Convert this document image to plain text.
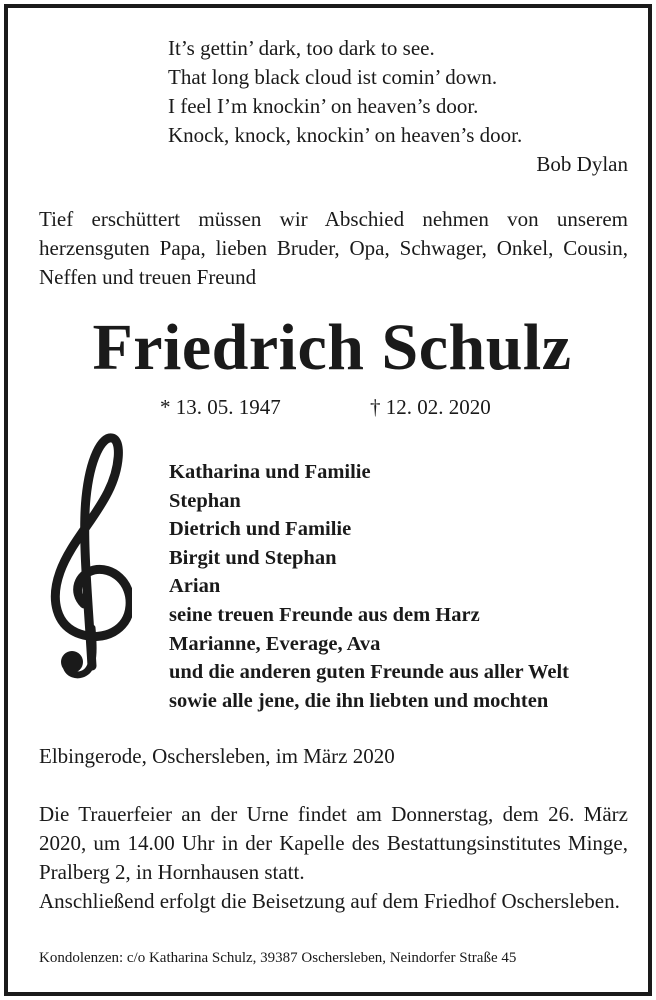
It’s gettin’ dark, too dark to see.
That long black cloud ist comin’ down.
I feel I’m knockin’ on heaven’s door.
Knock, knock, knockin’ on heaven’s door.
Bob Dylan
Tief erschüttert müssen wir Abschied nehmen von unserem herzensguten Papa, lieben Bruder, Opa, Schwager, Onkel, Cousin, Neffen und treuen Freund
Friedrich Schulz
* 13. 05. 1947	† 12. 02. 2020
Katharina und Familie
Stephan
Dietrich und Familie
Birgit und Stephan
Arian
seine treuen Freunde aus dem Harz
Marianne, Everage, Ava
und die anderen guten Freunde aus aller Welt
sowie alle jene, die ihn liebten und mochten
Elbingerode, Oschersleben, im März 2020
Die Trauerfeier an der Urne findet am Donnerstag, dem 26. März 2020, um 14.00 Uhr in der Kapelle des Bestattungsinstitutes Minge, Pralberg 2, in Hornhausen statt.
Anschließend erfolgt die Beisetzung auf dem Friedhof Oschersleben.
Kondolenzen: c/o Katharina Schulz, 39387 Oschersleben, Neindorfer Straße 45
